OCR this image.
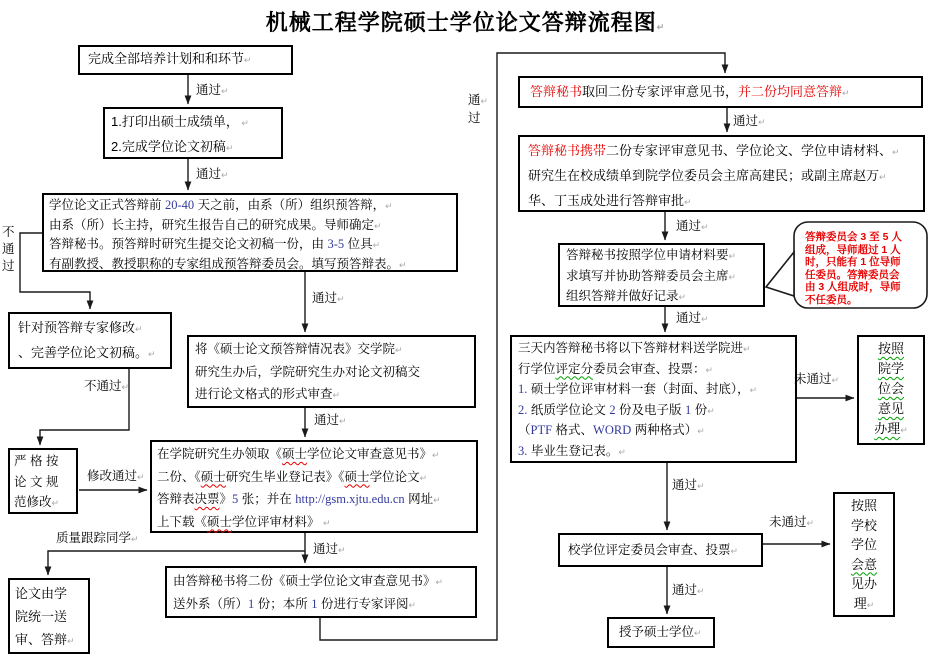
机械工程学院硕士学位论文答辩流程图↵
完成全部培养计划和和环节↵
1.打印出硕士成绩单， ↵
2.完成学位论文初稿↵
学位论文正式答辩前 20-40 天之前，由系（所）组织预答辩，↵
由系（所）长主持，研究生报告自己的研究成果。导师确定↵
答辩秘书。预答辩时研究生提交论文初稿一份，由 3-5 位具↵
有副教授、教授职称的专家组成预答辩委员会。填写预答辩表。↵
针对预答辩专家修改↵
、完善学位论文初稿。↵
严 格 按
论 文 规
范修改↵
论文由学
院统一送
审、答辩↵
将《硕士论文预答辩情况表》交学院↵
研究生办后，学院研究生办对论文初稿交
进行论文格式的形式审查↵
在学院研究生办领取《硕士学位论文审查意见书》↵
二份、《硕士研究生毕业登记表》《硕士学位论文↵
答辩表决票》5 张；并在 http://gsm.xjtu.edu.cn 网址↵
上下载《硕士学位评审材料》 ↵
由答辩秘书将二份《硕士学位论文审查意见书》↵
送外系（所）1 份；本所 1 份进行专家评阅↵
答辩秘书取回二份专家评审意见书，并二份均同意答辩↵
答辩秘书携带二份专家评审意见书、学位论文、学位申请材料、↵
研究生在校成绩单到院学位委员会主席高建民；或副主席赵万↵
华、丁玉成处进行答辩审批↵
答辩秘书按照学位申请材料要↵
求填写并协助答辩委员会主席↵
组织答辩并做好记录↵
答辩委员会 3 至 5 人
组成，导师超过 1 人
时，只能有 1 位导师
任委员。答辩委员会
由 3 人组成时，导师
不任委员。
三天内答辩秘书将以下答辩材料送学院进↵
行学位评定分委员会审查、投票：↵
1. 硕士学位评审材料一套（封面、封底），↵
2. 纸质学位论文 2 份及电子版 1 份↵
（PTF 格式、WORD 两种格式）↵
3. 毕业生登记表。↵
按照
院学
位会
意见
办理↵
校学位评定委员会审查、投票↵
按照
学校
学位
会意
见办
理↵
授予硕士学位↵
通过↵
通过↵
不
通
过
通过↵
不通过↵
修改通过↵
通过↵
通过↵
质量跟踪同学↵
通↵
过	通过↵
通过↵
通过↵
未通过↵
通过↵
未通过↵
通过↵
